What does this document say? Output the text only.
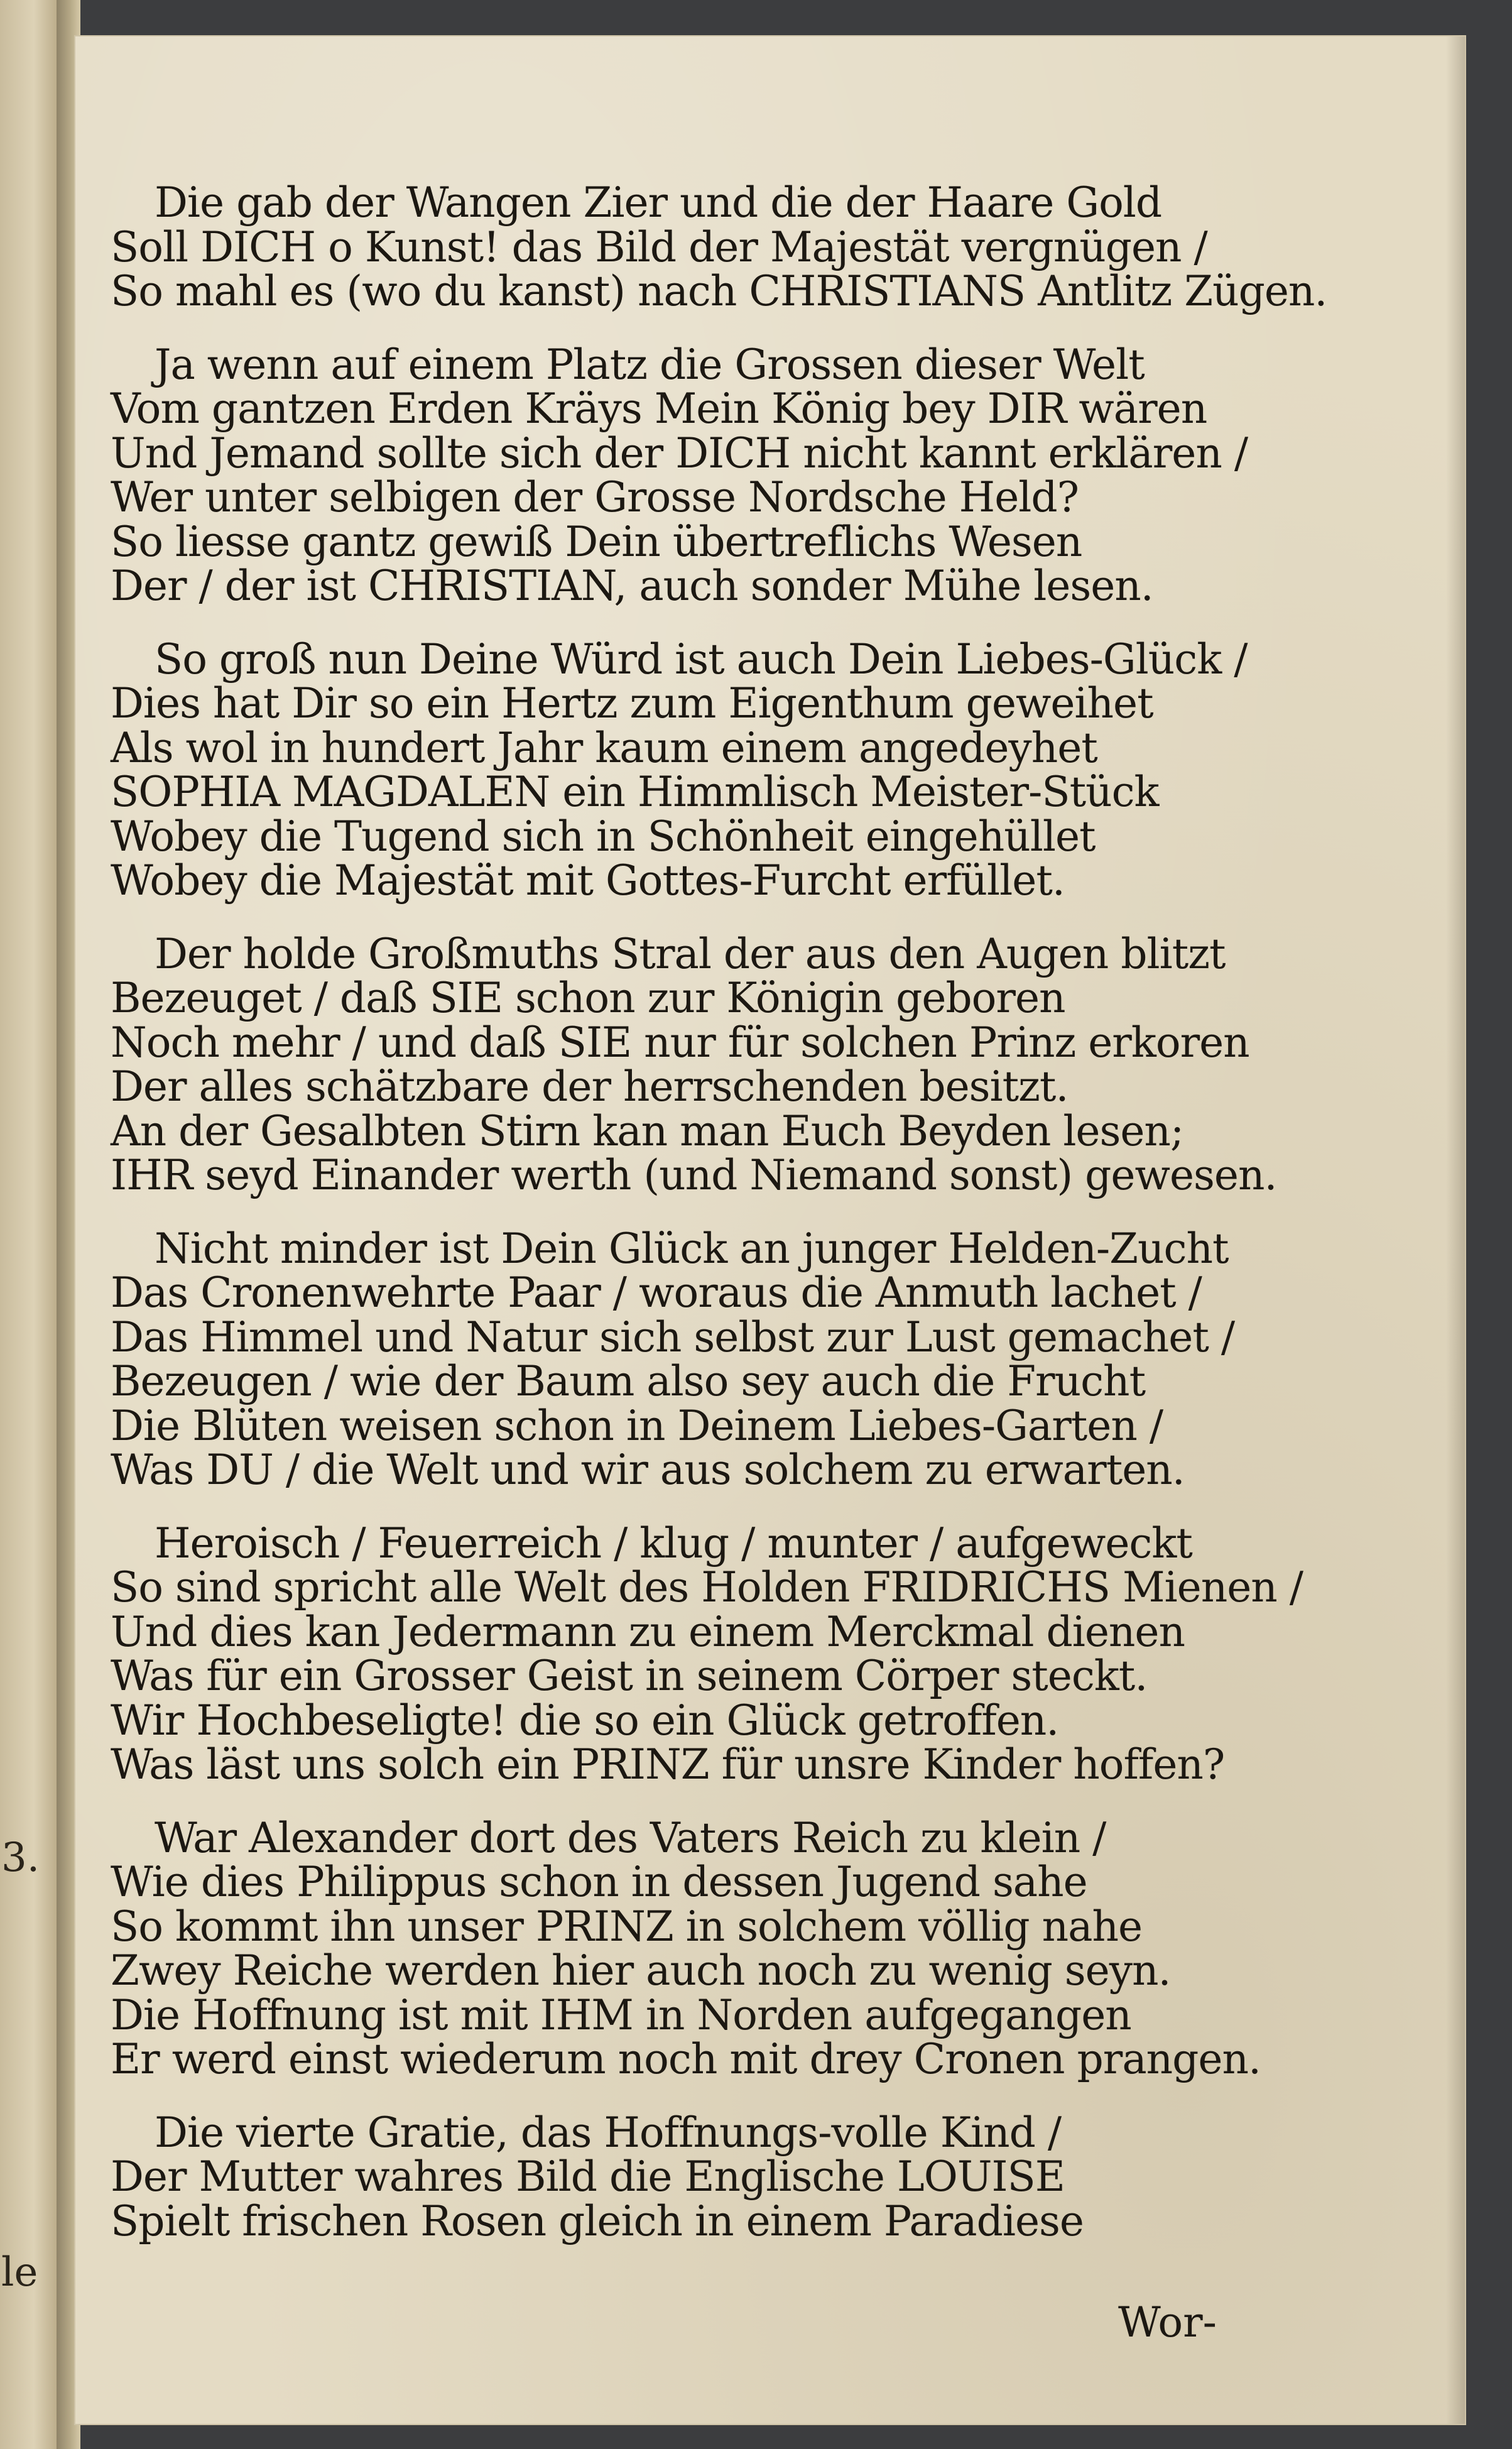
3.
le
Die gab der Wangen Zier und die der Haare Gold
Soll DICH o Kunst! das Bild der Majestät vergnügen /
So mahl es (wo du kanst) nach CHRISTIANS Antlitz Zügen.
Ja wenn auf einem Platz die Grossen dieser Welt
Vom gantzen Erden Kräys Mein König bey DIR wären
Und Jemand sollte sich der DICH nicht kannt erklären /
Wer unter selbigen der Grosse Nordsche Held?
So liesse gantz gewiß Dein übertreflichs Wesen
Der / der ist CHRISTIAN, auch sonder Mühe lesen.
So groß nun Deine Würd ist auch Dein Liebes-Glück /
Dies hat Dir so ein Hertz zum Eigenthum geweihet
Als wol in hundert Jahr kaum einem angedeyhet
SOPHIA MAGDALEN ein Himmlisch Meister-Stück
Wobey die Tugend sich in Schönheit eingehüllet
Wobey die Majestät mit Gottes-Furcht erfüllet.
Der holde Großmuths Stral der aus den Augen blitzt
Bezeuget / daß SIE schon zur Königin geboren
Noch mehr / und daß SIE nur für solchen Prinz erkoren
Der alles schätzbare der herrschenden besitzt.
An der Gesalbten Stirn kan man Euch Beyden lesen;
IHR seyd Einander werth (und Niemand sonst) gewesen.
Nicht minder ist Dein Glück an junger Helden-Zucht
Das Cronenwehrte Paar / woraus die Anmuth lachet /
Das Himmel und Natur sich selbst zur Lust gemachet /
Bezeugen / wie der Baum also sey auch die Frucht
Die Blüten weisen schon in Deinem Liebes-Garten /
Was DU / die Welt und wir aus solchem zu erwarten.
Heroisch / Feuerreich / klug / munter / aufgeweckt
So sind spricht alle Welt des Holden FRIDRICHS Mienen /
Und dies kan Jedermann zu einem Merckmal dienen
Was für ein Grosser Geist in seinem Cörper steckt.
Wir Hochbeseligte! die so ein Glück getroffen.
Was läst uns solch ein PRINZ für unsre Kinder hoffen?
War Alexander dort des Vaters Reich zu klein /
Wie dies Philippus schon in dessen Jugend sahe
So kommt ihn unser PRINZ in solchem völlig nahe
Zwey Reiche werden hier auch noch zu wenig seyn.
Die Hoffnung ist mit IHM in Norden aufgegangen
Er werd einst wiederum noch mit drey Cronen prangen.
Die vierte Gratie, das Hoffnungs-volle Kind /
Der Mutter wahres Bild die Englische LOUISE
Spielt frischen Rosen gleich in einem Paradiese
Wor-
